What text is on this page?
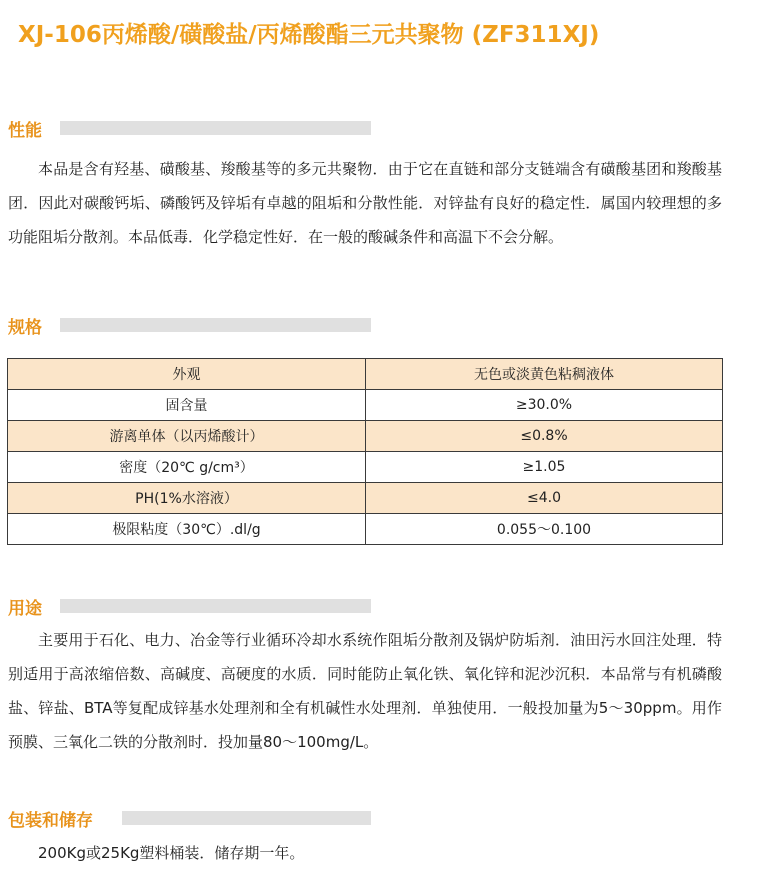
XJ-106丙烯酸/磺酸盐/丙烯酸酯三元共聚物 (ZF311XJ)
性能

本品是含有羟基、磺酸基、羧酸基等的多元共聚物．由于它在直链和部分支链端含有磺酸基团和羧酸基团．因此对碳酸钙垢、磷酸钙及锌垢有卓越的阻垢和分散性能．对锌盐有良好的稳定性．属国内较理想的多功能阻垢分散剂。本品低毒．化学稳定性好．在一般的酸碱条件和高温下不会分解。

规格
外观	无色或淡黄色粘稠液体
固含量	≥30.0%
游离单体（以丙烯酸计）	≤0.8%
密度（20℃ g/cm³）	≥1.05
PH(1%水溶液）	≤4.0
极限粘度（30℃）.dl/g	0.055～0.100
用途

主要用于石化、电力、冶金等行业循环冷却水系统作阻垢分散剂及锅炉防垢剂．油田污水回注处理．特别适用于高浓缩倍数、高碱度、高硬度的水质．同时能防止氧化铁、氧化锌和泥沙沉积．本品常与有机磷酸盐、锌盐、BTA等复配成锌基水处理剂和全有机碱性水处理剂．单独使用．一般投加量为5～30ppm。用作预膜、三氧化二铁的分散剂时．投加量80～100mg/L。

包装和储存

200Kg或25Kg塑料桶装．储存期一年。
